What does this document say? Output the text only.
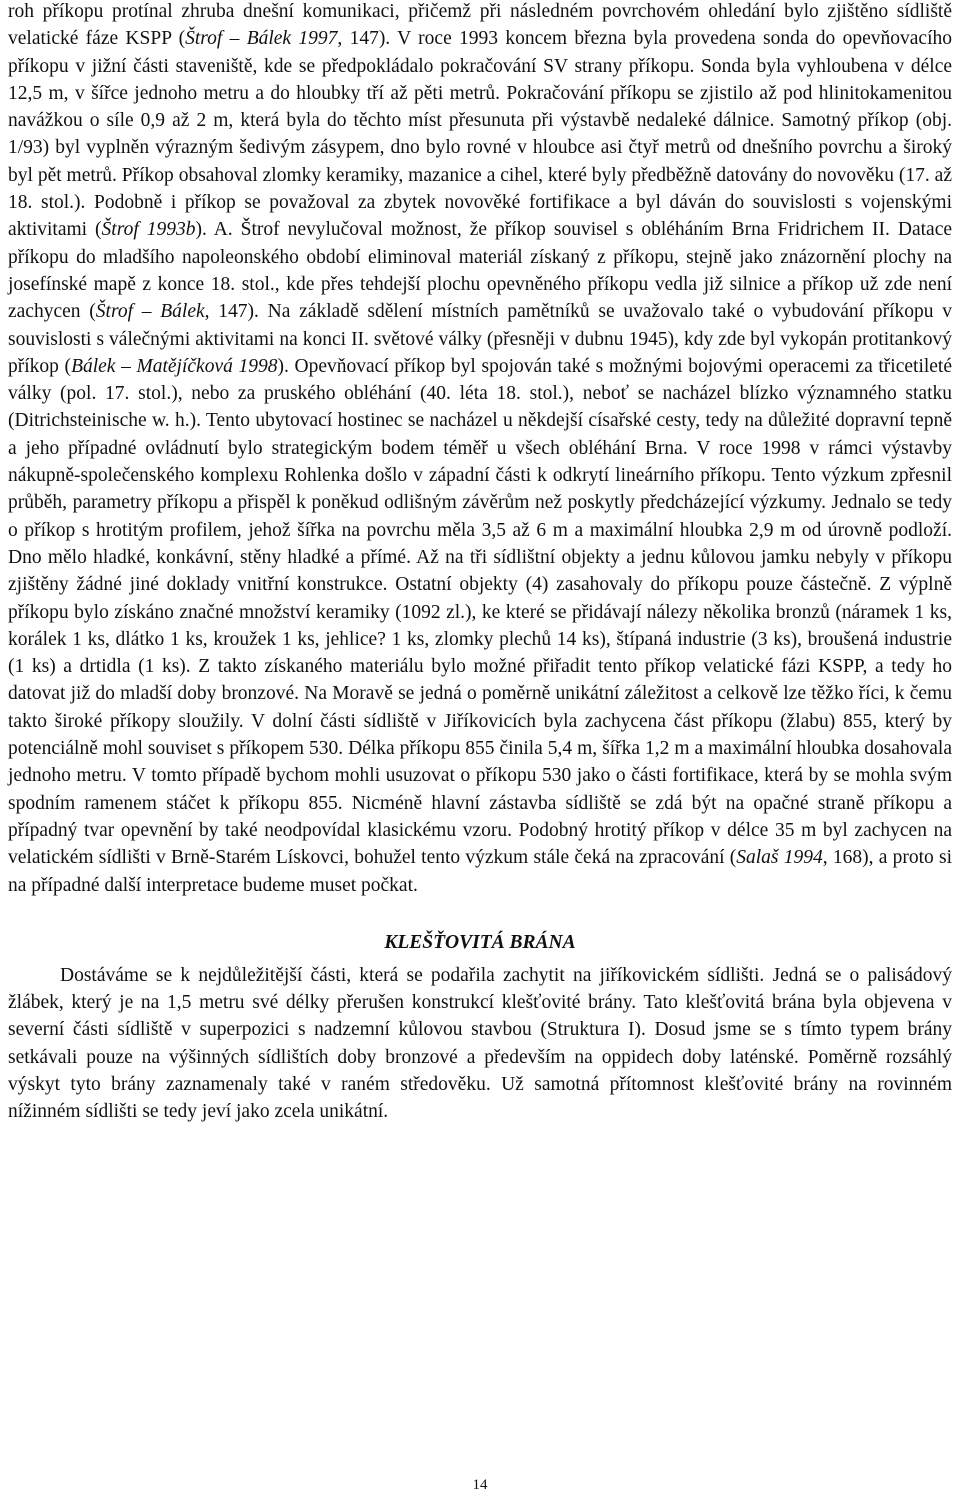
roh příkopu protínal zhruba dnešní komunikaci, přičemž při následném povrchovém ohledání bylo zjištěno sídliště velatické fáze KSPP (Štrof – Bálek 1997, 147). V roce 1993 koncem března byla provedena sonda do opevňovacího příkopu v jižní části staveniště, kde se předpokládalo pokračování SV strany příkopu. Sonda byla vyhloubena v délce 12,5 m, v šířce jednoho metru a do hloubky tří až pěti metrů. Pokračování příkopu se zjistilo až pod hlinitokamenitou navážkou o síle 0,9 až 2 m, která byla do těchto míst přesunuta při výstavbě nedaleké dálnice. Samotný příkop (obj. 1/93) byl vyplněn výrazným šedivým zásypem, dno bylo rovné v hloubce asi čtyř metrů od dnešního povrchu a široký byl pět metrů. Příkop obsahoval zlomky keramiky, mazanice a cihel, které byly předběžně datovány do novověku (17. až 18. stol.). Podobně i příkop se považoval za zbytek novověké fortifikace a byl dáván do souvislosti s vojenskými aktivitami (Štrof 1993b). A. Štrof nevylučoval možnost, že příkop souvisel s obléháním Brna Fridrichem II. Datace příkopu do mladšího napoleonského období eliminoval materiál získaný z příkopu, stejně jako znázornění plochy na josefínské mapě z konce 18. stol., kde přes tehdejší plochu opevněného příkopu vedla již silnice a příkop už zde není zachycen (Štrof – Bálek, 147). Na základě sdělení místních pamětníků se uvažovalo také o vybudování příkopu v souvislosti s válečnými aktivitami na konci II. světové války (přesněji v dubnu 1945), kdy zde byl vykopán protitankový příkop (Bálek – Matějíčková 1998). Opevňovací příkop byl spojován také s možnými bojovými operacemi za třicetileté války (pol. 17. stol.), nebo za pruského obléhání (40. léta 18. stol.), neboť se nacházel blízko významného statku (Ditrichsteinische w. h.). Tento ubytovací hostinec se nacházel u někdejší císařské cesty, tedy na důležité dopravní tepně a jeho případné ovládnutí bylo strategickým bodem téměř u všech obléhání Brna. V roce 1998 v rámci výstavby nákupně-společenského komplexu Rohlenka došlo v západní části k odkrytí lineárního příkopu. Tento výzkum zpřesnil průběh, parametry příkopu a přispěl k poněkud odlišným závěrům než poskytly předcházející výzkumy. Jednalo se tedy o příkop s hrotitým profilem, jehož šířka na povrchu měla 3,5 až 6 m a maximální hloubka 2,9 m od úrovně podloží. Dno mělo hladké, konkávní, stěny hladké a přímé. Až na tři sídlištní objekty a jednu kůlovou jamku nebyly v příkopu zjištěny žádné jiné doklady vnitřní konstrukce. Ostatní objekty (4) zasahovaly do příkopu pouze částečně. Z výplně příkopu bylo získáno značné množství keramiky (1092 zl.), ke které se přidávají nálezy několika bronzů (náramek 1 ks, korálek 1 ks, dlátko 1 ks, kroužek 1 ks, jehlice? 1 ks, zlomky plechů 14 ks), štípaná industrie (3 ks), broušená industrie (1 ks) a drtidla (1 ks). Z takto získaného materiálu bylo možné přiřadit tento příkop velatické fázi KSPP, a tedy ho datovat již do mladší doby bronzové. Na Moravě se jedná o poměrně unikátní záležitost a celkově lze těžko říci, k čemu takto široké příkopy sloužily. V dolní části sídliště v Jiříkovicích byla zachycena část příkopu (žlabu) 855, který by potenciálně mohl souviset s příkopem 530. Délka příkopu 855 činila 5,4 m, šířka 1,2 m a maximální hloubka dosahovala jednoho metru. V tomto případě bychom mohli usuzovat o příkopu 530 jako o části fortifikace, která by se mohla svým spodním ramenem stáčet k příkopu 855. Nicméně hlavní zástavba sídliště se zdá být na opačné straně příkopu a případný tvar opevnění by také neodpovídal klasickému vzoru. Podobný hrotitý příkop v délce 35 m byl zachycen na velatickém sídlišti v Brně-Starém Lískovci, bohužel tento výzkum stále čeká na zpracování (Salaš 1994, 168), a proto si na případné další interpretace budeme muset počkat.

KLEŠŤOVITÁ BRÁNA

Dostáváme se k nejdůležitější části, která se podařila zachytit na jiříkovickém sídlišti. Jedná se o palisádový žlábek, který je na 1,5 metru své délky přerušen konstrukcí klešťovité brány. Tato klešťovitá brána byla objevena v severní části sídliště v superpozici s nadzemní kůlovou stavbou (Struktura I). Dosud jsme se s tímto typem brány setkávali pouze na výšinných sídlištích doby bronzové a především na oppidech doby laténské. Poměrně rozsáhlý výskyt tyto brány zaznamenaly také v raném středověku. Už samotná přítomnost klešťovité brány na rovinném nížinném sídlišti se tedy jeví jako zcela unikátní.

14
